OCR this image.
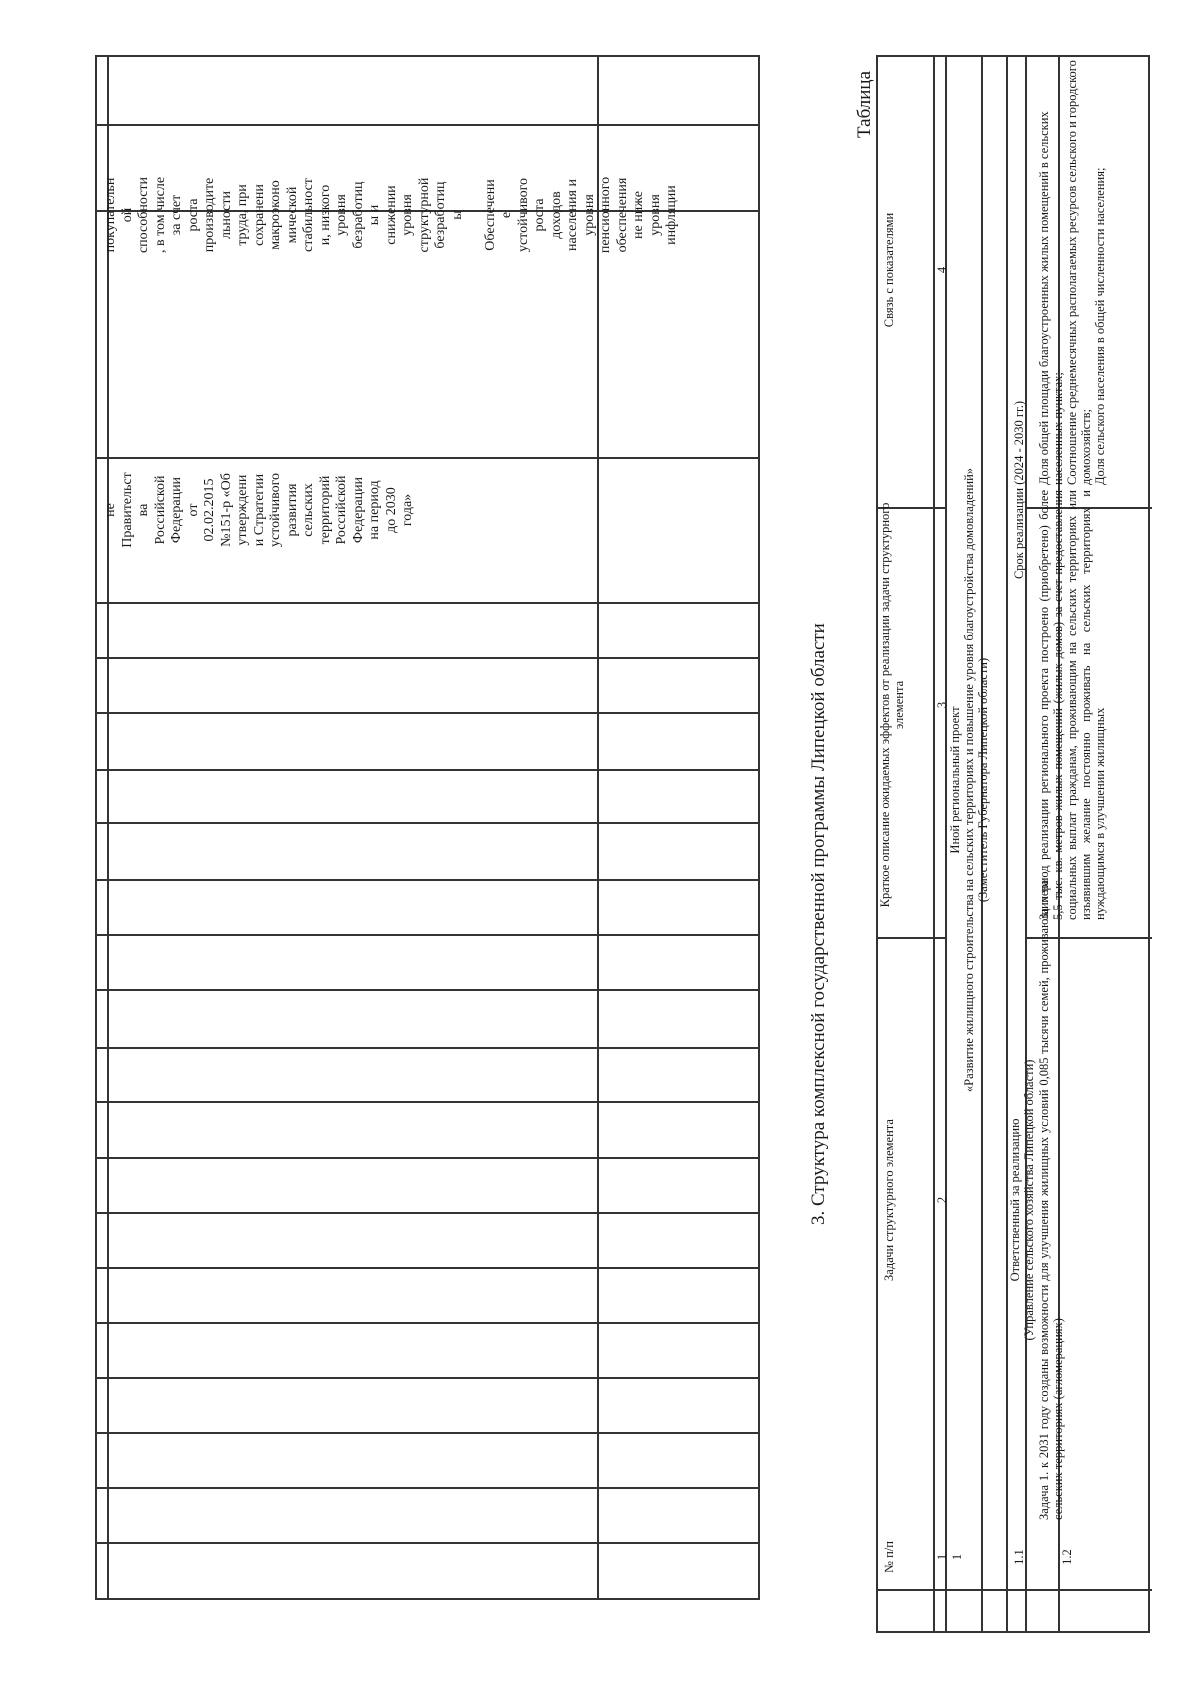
3. Структура комплексной государственной программы Липецкой области
Таблица
№ п/п
Задачи структурного элемента
Краткое описание ожидаемых эффектов от реализации задачи структурного элемента
Связь с показателями
1
2
3
4
1
Иной региональный проект
«Развитие жилищного строительства на сельских территориях и повышение уровня благоустройства домовладений»
(Заместитель Губернатора Липецкой области)
1.1
Ответственный за реализацию
(Управление сельского хозяйства Липецкой области)
Срок реализации (2024 - 2030 гг.)
1.2
Задача 1. к 2031 году созданы возможности для улучшения жилищных условий 0,085 тысячи семей, проживающих на сельских территориях (агломерациях)
За период реализации регионального проекта построено (приобретено) более 5,5 тыс. кв. метров жилых помещений (жилых домов) за счет предоставления социальных выплат гражданам, проживающим на сельских территориях или изъявившим желание постоянно проживать на сельских территориях и нуждающимся в улучшении жилищных
Доля общей площади благоустроенных жилых помещений в сельских населенных пунктах;
Соотношение среднемесячных располагаемых ресурсов сельского и городского домохозяйств;
Доля сельского населения в общей численности населения;
не
Правительст
ва
Российской
Федерации
от
02.02.2015
№151-р «Об
утверждени
и Стратегии
устойчивого
развития
сельских
территорий
Российской
Федерации
на период
до 2030
года»
покупательн
ой
способности
, в том числе
за счет
роста
производите
льности
труда, при
сохранени
макроэконо
мической
стабильност
и, низкого
уровня
безработиц
ы и
снижении
уровня
структурной
безработиц
ы

Обеспечени
е
устойчивого
роста
доходов
населения и
уровня
пенсионного
обеспечения
не ниже
уровня
инфляции
